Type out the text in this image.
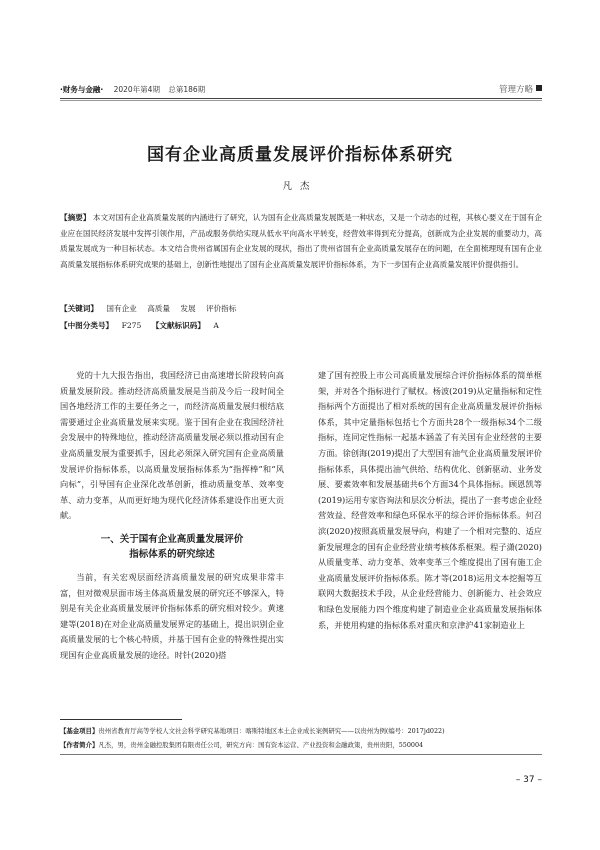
·财务与金融· 2020年第4期 总第186期	管理方略
国有企业高质量发展评价指标体系研究
凡杰
【摘要】 本文对国有企业高质量发展的内涵进行了研究，认为国有企业高质量发展既是一种状态，又是一个动态的过程，其核心要义在于国有企业应在国民经济发展中发挥引领作用，产品或服务供给实现从低水平向高水平转变，经营效率得到充分提高，创新成为企业发展的重要动力，高质量发展成为一种目标状态。本文结合贵州省属国有企业发展的现状，指出了贵州省国有企业高质量发展存在的问题，在全面梳理现有国有企业高质量发展指标体系研究成果的基础上，创新性地提出了国有企业高质量发展评价指标体系，为下一步国有企业高质量发展评价提供指引。
【关键词】 国有企业 高质量 发展 评价指标
【中图分类号】 F275 【文献标识码】 A

党的十九大报告指出，我国经济已由高速增长阶段转向高质量发展阶段。推动经济高质量发展是当前及今后一段时间全国各地经济工作的主要任务之一，而经济高质量发展归根结底需要通过企业高质量发展来实现。鉴于国有企业在我国经济社会发展中的特殊地位，推动经济高质量发展必须以推动国有企业高质量发展为重要抓手，因此必须深入研究国有企业高质量发展评价指标体系，以高质量发展指标体系为“指挥棒”和“风向标”，引导国有企业深化改革创新，推动质量变革、效率变革、动力变革，从而更好地为现代化经济体系建设作出更大贡献。

一、关于国有企业高质量发展评价
指标体系的研究综述

当前，有关宏观层面经济高质量发展的研究成果非常丰富，但对微观层面市场主体高质量发展的研究还不够深入，特别是有关企业高质量发展评价指标体系的研究相对较少。黄速建等(2018)在对企业高质量发展界定的基础上，提出识别企业高质量发展的七个核心特质，并基于国有企业的特殊性提出实现国有企业高质量发展的途径。时针(2020)搭

建了国有控股上市公司高质量发展综合评价指标体系的简单框架，并对各个指标进行了赋权。杨波(2019)从定量指标和定性指标两个方面提出了相对系统的国有企业高质量发展评价指标体系，其中定量指标包括七个方面共28个一级指标34个二级指标，连同定性指标一起基本涵盖了有关国有企业经营的主要方面。徐创海(2019)提出了大型国有油气企业高质量发展评价指标体系，具体提出油气供给、结构优化、创新驱动、业务发展、要素效率和发展基础共6个方面34个具体指标。顾恩凯等(2019)运用专家咨询法和层次分析法，提出了一套考虑企业经营效益、经营效率和绿色环保水平的综合评价指标体系。何召滨(2020)按照高质量发展导向，构建了一个相对完整的、适应新发展理念的国有企业经营业绩考核体系框架。程子潇(2020)从质量变革、动力变革、效率变革三个维度提出了国有施工企业高质量发展评价指标体系。陈才等(2018)运用文本挖掘等互联网大数据技术手段，从企业经营能力、创新能力、社会效应和绿色发展能力四个维度构建了制造业企业高质量发展指标体系，并使用构建的指标体系对重庆和京津沪41家制造业上

【基金项目】贵州省教育厅高等学校人文社会科学研究基地项目：喀斯特地区本土企业成长案例研究——以贵州为例(编号：2017jd022)
【作者简介】凡杰，男，贵州金融控股集团有限责任公司，研究方向：国有资本运营、产业投资和金融政策，贵州贵阳，550004
– 37 –
